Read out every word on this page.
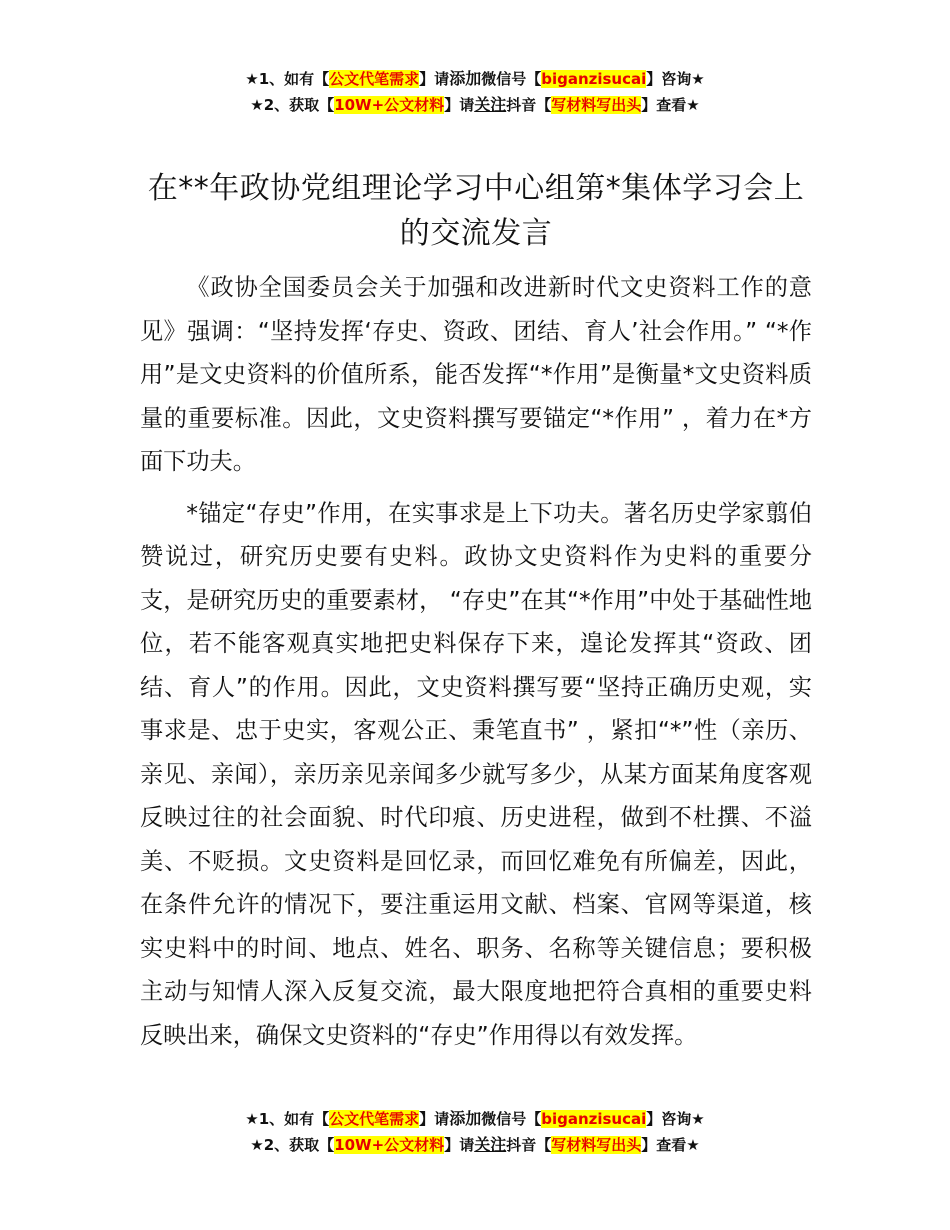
★1、如有【公文代笔需求】请添加微信号【biganzisucai】咨询★
★2、获取【10W+公文材料】请关注抖音【写材料写出头】查看★
在**年政协党组理论学习中心组第*集体学习会上的交流发言

《政协全国委员会关于加强和改进新时代文史资料工作的意见》强调：“坚持发挥‘存史、资政、团结、育人’社会作用。” “*作用”是文史资料的价值所系，能否发挥“*作用”是衡量*文史资料质量的重要标准。因此，文史资料撰写要锚定“*作用” ，着力在*方面下功夫。

*锚定“存史”作用，在实事求是上下功夫。著名历史学家翦伯赞说过，研究历史要有史料。政协文史资料作为史料的重要分支，是研究历史的重要素材， “存史”在其“*作用”中处于基础性地位，若不能客观真实地把史料保存下来，遑论发挥其“资政、团结、育人”的作用。因此，文史资料撰写要“坚持正确历史观，实事求是、忠于史实，客观公正、秉笔直书” ，紧扣“*”性（亲历、亲见、亲闻），亲历亲见亲闻多少就写多少，从某方面某角度客观反映过往的社会面貌、时代印痕、历史进程，做到不杜撰、不溢美、不贬损。文史资料是回忆录，而回忆难免有所偏差，因此，在条件允许的情况下，要注重运用文献、档案、官网等渠道，核实史料中的时间、地点、姓名、职务、名称等关键信息；要积极主动与知情人深入反复交流，最大限度地把符合真相的重要史料反映出来，确保文史资料的“存史”作用得以有效发挥。

★1、如有【公文代笔需求】请添加微信号【biganzisucai】咨询★
★2、获取【10W+公文材料】请关注抖音【写材料写出头】查看★
